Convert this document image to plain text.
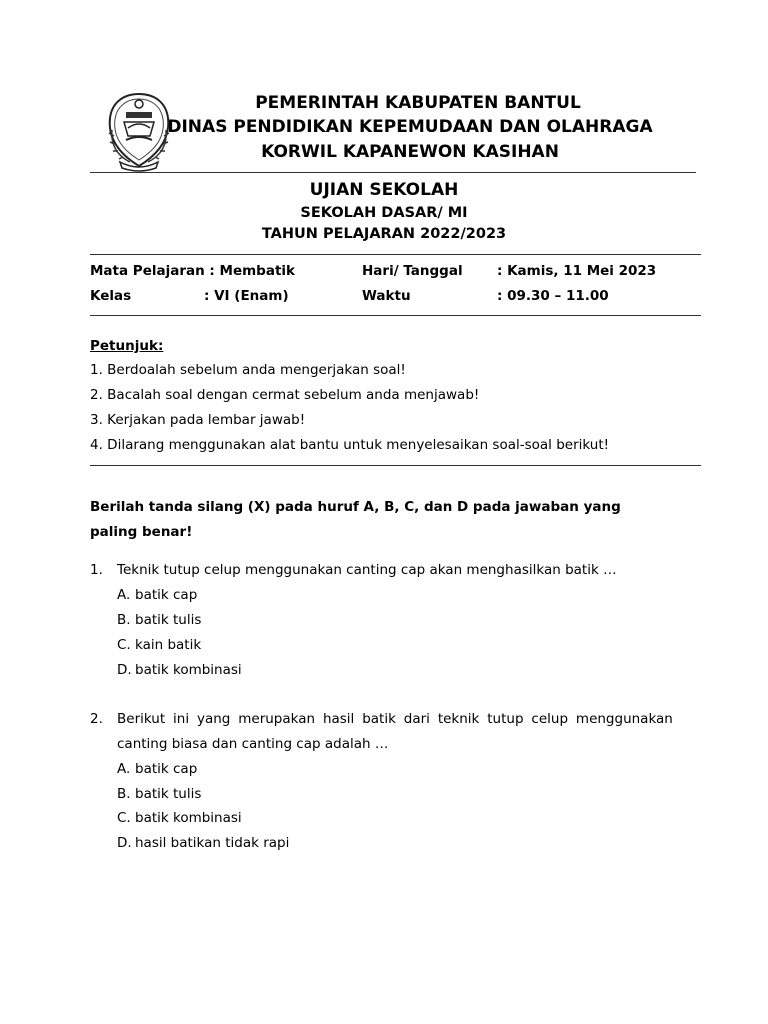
PEMERINTAH KABUPATEN BANTUL
DINAS PENDIDIKAN KEPEMUDAAN DAN OLAHRAGA
KORWIL KAPANEWON KASIHAN
UJIAN SEKOLAH
SEKOLAH DASAR/ MI
TAHUN PELAJARAN 2022/2023
Mata Pelajaran : Membatik	Hari/ Tanggal	: Kamis, 11 Mei 2023
Kelas	: VI (Enam)	Waktu	: 09.30 – 11.00
Petunjuk:
1. Berdoalah sebelum anda mengerjakan soal!
2. Bacalah soal dengan cermat sebelum anda menjawab!
3. Kerjakan pada lembar jawab!
4. Dilarang menggunakan alat bantu untuk menyelesaikan soal-soal berikut!
Berilah tanda silang (X) pada huruf A, B, C, dan D pada jawaban yang
paling benar!
1. Teknik tutup celup menggunakan canting cap akan menghasilkan batik …
A. batik cap
B. batik tulis
C. kain batik
D. batik kombinasi
2. Berikut ini yang merupakan hasil batik dari teknik tutup celup menggunakan
canting biasa dan canting cap adalah …
A. batik cap
B. batik tulis
C. batik kombinasi
D. hasil batikan tidak rapi
